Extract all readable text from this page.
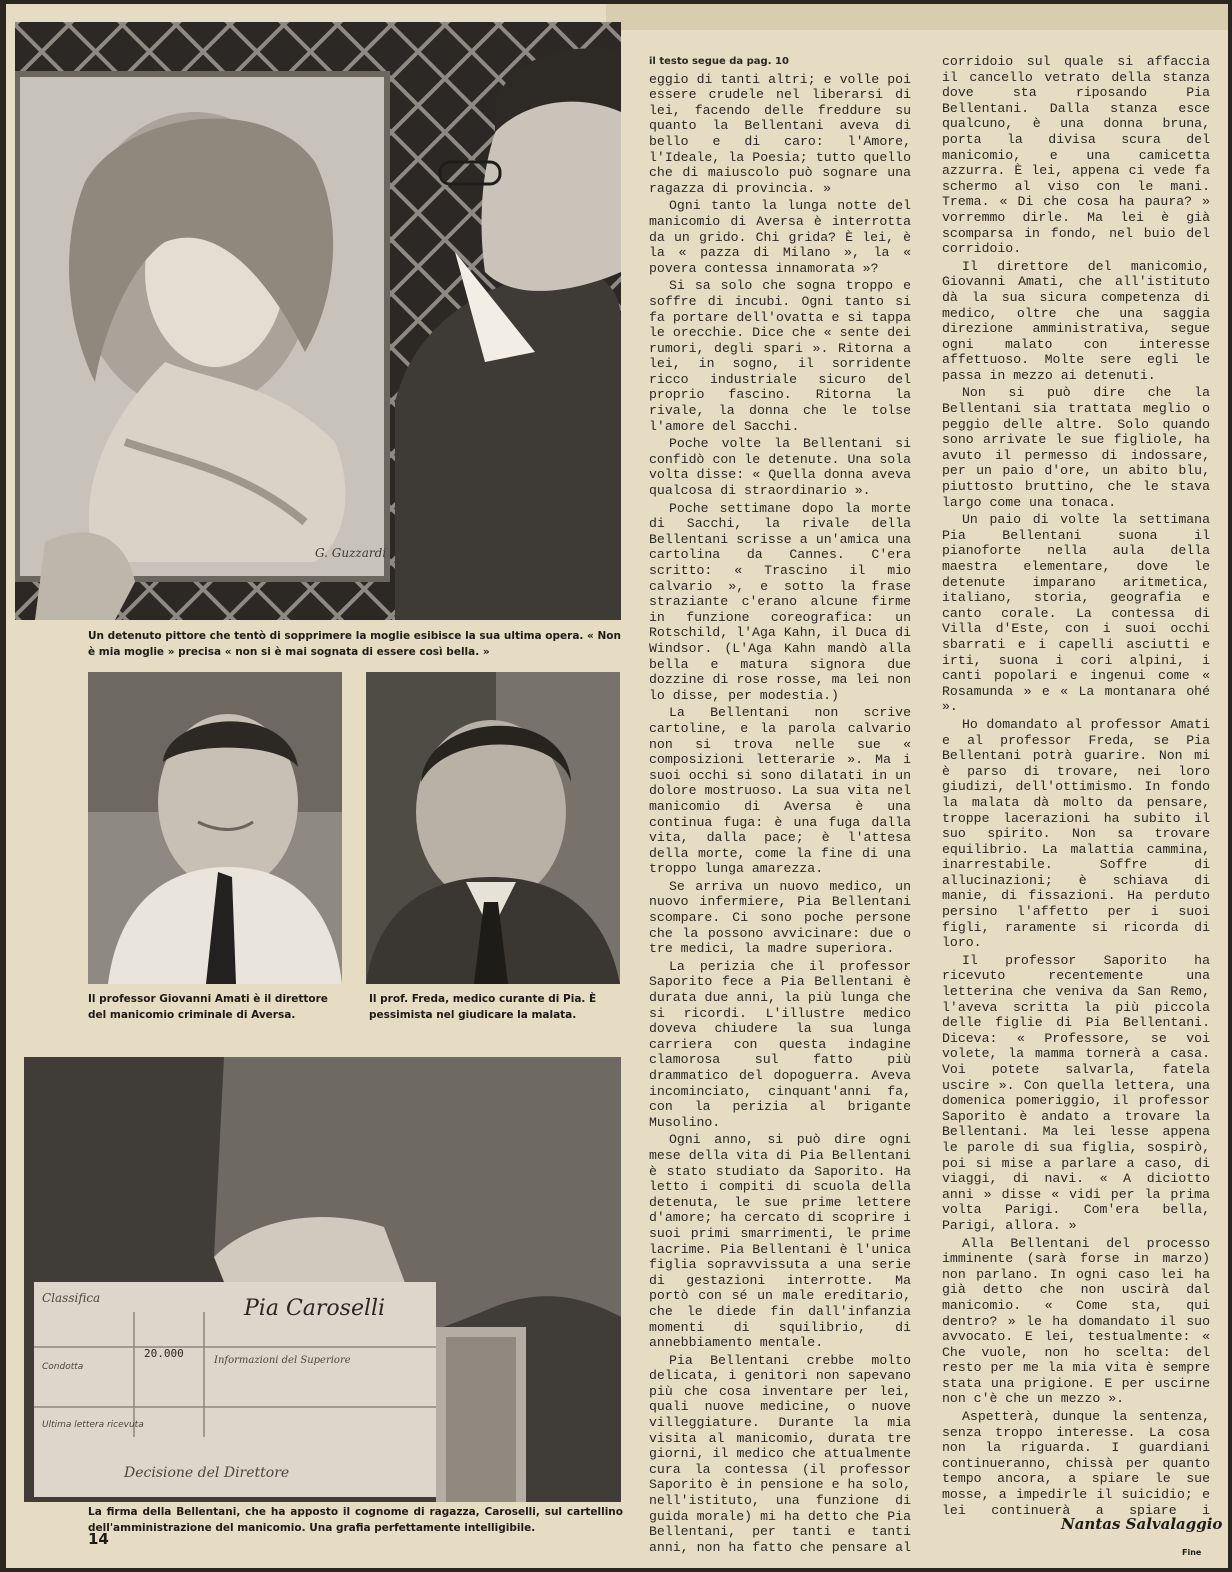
G. Guzzardi
Un detenuto pittore che tentò di sopprimere la moglie esibisce la sua ultima opera. « Non è mia moglie » precisa « non si è mai sognata di essere così bella. »
Il professor Giovanni Amati è il direttore del manicomio criminale di Aversa.
Il prof. Freda, medico curante di Pia. È pessimista nel giudicare la malata.
Classifica	Pia Caroselli
Condotta
Ultima lettera ricevuta
20.000
Informazioni del Superiore
Decisione del Direttore
La firma della Bellentani, che ha apposto il cognome di ragazza, Caroselli, sul cartellino dell'amministrazione del manicomio. Una grafia perfettamente intelligibile.
14
il testo segue da pag. 10

eggio di tanti altri; e volle poi essere crudele nel liberarsi di lei, facendo delle freddure su quanto la Bellentani aveva di bello e di caro: l'Amore, l'Ideale, la Poesia; tutto quello che di maiuscolo può sognare una ragazza di provincia. »

Ogni tanto la lunga notte del manicomio di Aversa è interrotta da un grido. Chi grida? È lei, è la « pazza di Milano », la « povera contessa innamorata »?

Si sa solo che sogna troppo e soffre di incubi. Ogni tanto si fa portare dell'ovatta e si tappa le orecchie. Dice che « sente dei rumori, degli spari ». Ritorna a lei, in sogno, il sorridente ricco industriale sicuro del proprio fascino. Ritorna la rivale, la donna che le tolse l'amore del Sacchi.

Poche volte la Bellentani si confidò con le detenute. Una sola volta disse: « Quella donna aveva qualcosa di straordinario ».

Poche settimane dopo la morte di Sacchi, la rivale della Bellentani scrisse a un'amica una cartolina da Cannes. C'era scritto: « Trascino il mio calvario », e sotto la frase straziante c'erano alcune firme in funzione coreografica: un Rotschild, l'Aga Kahn, il Duca di Windsor. (L'Aga Kahn mandò alla bella e matura signora due dozzine di rose rosse, ma lei non lo disse, per modestia.)

La Bellentani non scrive cartoline, e la parola calvario non si trova nelle sue « composizioni letterarie ». Ma i suoi occhi si sono dilatati in un dolore mostruoso. La sua vita nel manicomio di Aversa è una continua fuga: è una fuga dalla vita, dalla pace; è l'attesa della morte, come la fine di una troppo lunga amarezza.

Se arriva un nuovo medico, un nuovo infermiere, Pia Bellentani scompare. Ci sono poche persone che la possono avvicinare: due o tre medici, la madre superiora.

La perizia che il professor Saporito fece a Pia Bellentani è durata due anni, la più lunga che si ricordi. L'illustre medico doveva chiudere la sua lunga carriera con questa indagine clamorosa sul fatto più drammatico del dopoguerra. Aveva incominciato, cinquant'anni fa, con la perizia al brigante Musolino.

Ogni anno, si può dire ogni mese della vita di Pia Bellentani è stato studiato da Saporito. Ha letto i compiti di scuola della detenuta, le sue prime lettere d'amore; ha cercato di scoprire i suoi primi smarrimenti, le prime lacrime. Pia Bellentani è l'unica figlia sopravvissuta a una serie di gestazioni interrotte. Ma portò con sé un male ereditario, che le diede fin dall'infanzia momenti di squilibrio, di annebbiamento mentale.

Pia Bellentani crebbe molto delicata, i genitori non sapevano più che cosa inventare per lei, quali nuove medicine, o nuove villeggiature. Durante la mia visita al manicomio, durata tre giorni, il medico che attualmente cura la contessa (il professor Saporito è in pensione e ha solo, nell'istituto, una funzione di guida morale) mi ha detto che Pia Bellentani, per tanti e tanti anni, non ha fatto che pensare al

corridoio sul quale si affaccia il cancello vetrato della stanza dove sta riposando Pia Bellentani. Dalla stanza esce qualcuno, è una donna bruna, porta la divisa scura del manicomio, e una camicetta azzurra. È lei, appena ci vede fa schermo al viso con le mani. Trema. « Di che cosa ha paura? » vorremmo dirle. Ma lei è già scomparsa in fondo, nel buio del corridoio.

Il direttore del manicomio, Giovanni Amati, che all'istituto dà la sua sicura competenza di medico, oltre che una saggia direzione amministrativa, segue ogni malato con interesse affettuoso. Molte sere egli le passa in mezzo ai detenuti.

Non si può dire che la Bellentani sia trattata meglio o peggio delle altre. Solo quando sono arrivate le sue figliole, ha avuto il permesso di indossare, per un paio d'ore, un abito blu, piuttosto bruttino, che le stava largo come una tonaca.

Un paio di volte la settimana Pia Bellentani suona il pianoforte nella aula della maestra elementare, dove le detenute imparano aritmetica, italiano, storia, geografia e canto corale. La contessa di Villa d'Este, con i suoi occhi sbarrati e i capelli asciutti e irti, suona i cori alpini, i canti popolari e ingenui come « Rosamunda » e « La montanara ohé ».

Ho domandato al professor Amati e al professor Freda, se Pia Bellentani potrà guarire. Non mi è parso di trovare, nei loro giudizi, dell'ottimismo. In fondo la malata dà molto da pensare, troppe lacerazioni ha subito il suo spirito. Non sa trovare equilibrio. La malattia cammina, inarrestabile. Soffre di allucinazioni; è schiava di manie, di fissazioni. Ha perduto persino l'affetto per i suoi figli, raramente si ricorda di loro.

Il professor Saporito ha ricevuto recentemente una letterina che veniva da San Remo, l'aveva scritta la più piccola delle figlie di Pia Bellentani. Diceva: « Professore, se voi volete, la mamma tornerà a casa. Voi potete salvarla, fatela uscire ». Con quella lettera, una domenica pomeriggio, il professor Saporito è andato a trovare la Bellentani. Ma lei lesse appena le parole di sua figlia, sospirò, poi si mise a parlare a caso, di viaggi, di navi. « A diciotto anni » disse « vidi per la prima volta Parigi. Com'era bella, Parigi, allora. »

Alla Bellentani del processo imminente (sarà forse in marzo) non parlano. In ogni caso lei ha già detto che non uscirà dal manicomio. « Come sta, qui dentro? » le ha domandato il suo avvocato. E lei, testualmente: « Che vuole, non ho scelta: del resto per me la mia vita è sempre stata una prigione. E per uscirne non c'è che un mezzo ».

Aspetterà, dunque la sentenza, senza troppo interesse. La cosa non la riguarda. I guardiani continueranno, chissà per quanto tempo ancora, a spiare le sue mosse, a impedirle il suicidio; e lei continuerà a spiare i

Nantas Salvalaggio
Fine
